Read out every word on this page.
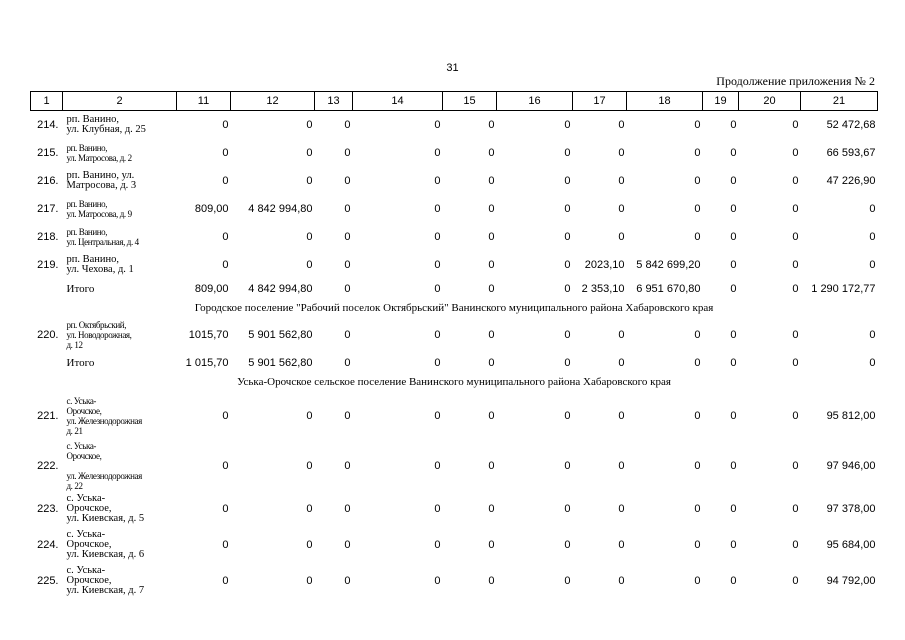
31
Продолжение приложения № 2
1	2	11	12	13	14	15	16	17	18	19	20	21
214.	рп. Ванино,
ул. Клубная, д. 25	0	0	0	0	0	0	0	0	0	0	52 472,68
215.	рп. Ванино,
ул. Матросова, д. 2	0	0	0	0	0	0	0	0	0	0	66 593,67
216.	рп. Ванино, ул.
Матросова, д. 3	0	0	0	0	0	0	0	0	0	0	47 226,90
217.	рп. Ванино,
ул. Матросова, д. 9	809,00	4 842 994,80	0	0	0	0	0	0	0	0	0
218.	рп. Ванино,
ул. Центральная, д. 4	0	0	0	0	0	0	0	0	0	0	0
219.	рп. Ванино,
ул. Чехова, д. 1	0	0	0	0	0	0	2023,10	5 842 699,20	0	0	0
	Итого	809,00	4 842 994,80	0	0	0	0	2 353,10	6 951 670,80	0	0	1 290 172,77
Городское поселение "Рабочий поселок Октябрьский" Ванинского муниципального района Хабаровского края												
220.	рп. Октябрьский,
ул. Новодорожная,
д. 12	1015,70	5 901 562,80	0	0	0	0	0	0	0	0	0
	Итого	1 015,70	5 901 562,80	0	0	0	0	0	0	0	0	0
Уська-Орочское сельское поселение Ванинского муниципального района Хабаровского края												
221.	с. Уська-
Орочское,
ул. Железнодорожная
д. 21	0	0	0	0	0	0	0	0	0	0	95 812,00
222.	с. Уська-
Орочское,

ул. Железнодорожная
д. 22	0	0	0	0	0	0	0	0	0	0	97 946,00
223.	с. Уська-
Орочское,
ул. Киевская, д. 5	0	0	0	0	0	0	0	0	0	0	97 378,00
224.	с. Уська-
Орочское,
ул. Киевская, д. 6	0	0	0	0	0	0	0	0	0	0	95 684,00
225.	с. Уська-
Орочское,
ул. Киевская, д. 7	0	0	0	0	0	0	0	0	0	0	94 792,00
